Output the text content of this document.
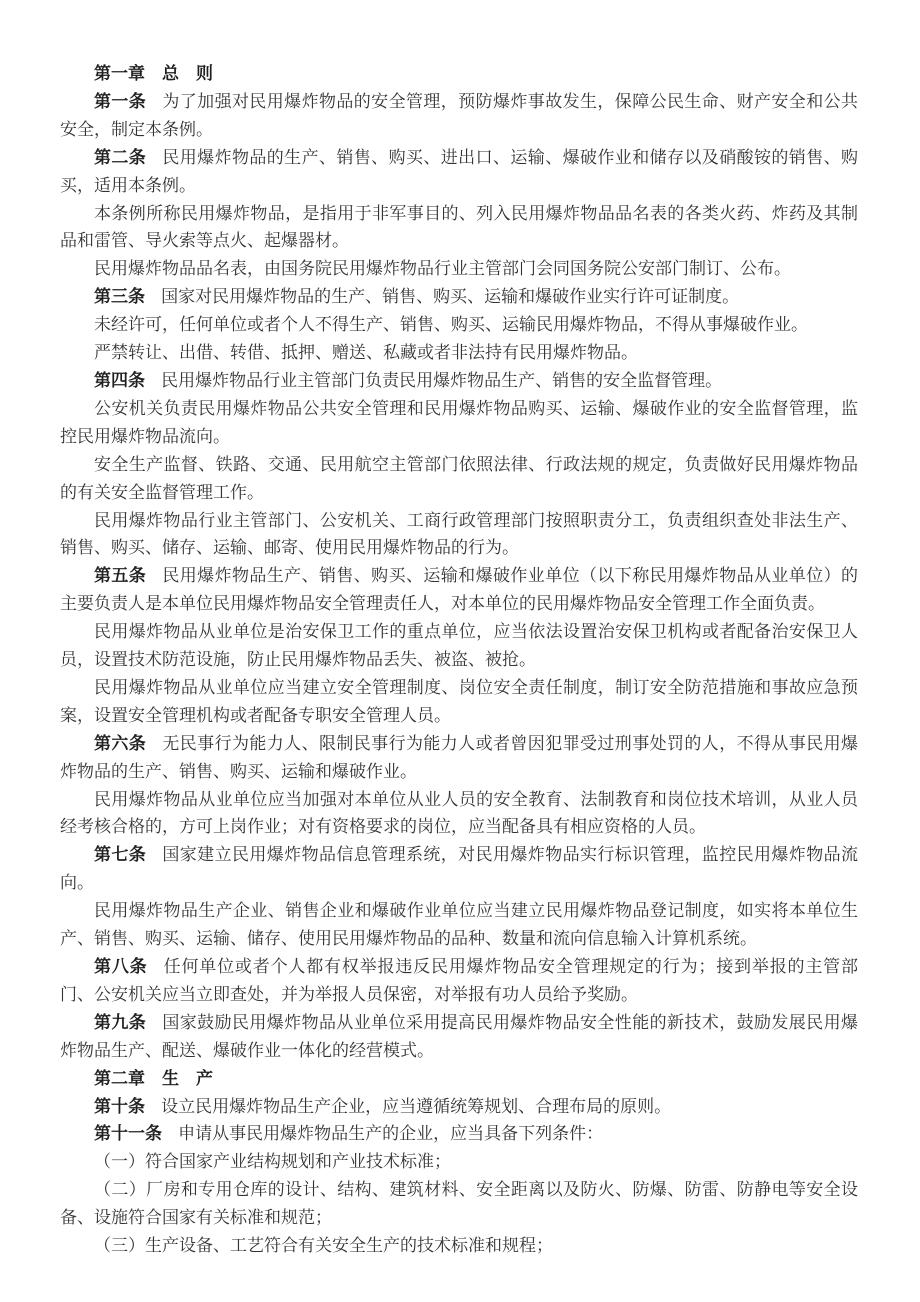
第一章　总　则

第一条 为了加强对民用爆炸物品的安全管理，预防爆炸事故发生，保障公民生命、财产安全和公共安全，制定本条例。

第二条 民用爆炸物品的生产、销售、购买、进出口、运输、爆破作业和储存以及硝酸铵的销售、购买，适用本条例。

本条例所称民用爆炸物品，是指用于非军事目的、列入民用爆炸物品品名表的各类火药、炸药及其制品和雷管、导火索等点火、起爆器材。

民用爆炸物品品名表，由国务院民用爆炸物品行业主管部门会同国务院公安部门制订、公布。

第三条 国家对民用爆炸物品的生产、销售、购买、运输和爆破作业实行许可证制度。

未经许可，任何单位或者个人不得生产、销售、购买、运输民用爆炸物品，不得从事爆破作业。

严禁转让、出借、转借、抵押、赠送、私藏或者非法持有民用爆炸物品。

第四条 民用爆炸物品行业主管部门负责民用爆炸物品生产、销售的安全监督管理。

公安机关负责民用爆炸物品公共安全管理和民用爆炸物品购买、运输、爆破作业的安全监督管理，监控民用爆炸物品流向。

安全生产监督、铁路、交通、民用航空主管部门依照法律、行政法规的规定，负责做好民用爆炸物品的有关安全监督管理工作。

民用爆炸物品行业主管部门、公安机关、工商行政管理部门按照职责分工，负责组织查处非法生产、销售、购买、储存、运输、邮寄、使用民用爆炸物品的行为。

第五条 民用爆炸物品生产、销售、购买、运输和爆破作业单位（以下称民用爆炸物品从业单位）的主要负责人是本单位民用爆炸物品安全管理责任人，对本单位的民用爆炸物品安全管理工作全面负责。

民用爆炸物品从业单位是治安保卫工作的重点单位，应当依法设置治安保卫机构或者配备治安保卫人员，设置技术防范设施，防止民用爆炸物品丢失、被盗、被抢。

民用爆炸物品从业单位应当建立安全管理制度、岗位安全责任制度，制订安全防范措施和事故应急预案，设置安全管理机构或者配备专职安全管理人员。

第六条 无民事行为能力人、限制民事行为能力人或者曾因犯罪受过刑事处罚的人，不得从事民用爆炸物品的生产、销售、购买、运输和爆破作业。

民用爆炸物品从业单位应当加强对本单位从业人员的安全教育、法制教育和岗位技术培训，从业人员经考核合格的，方可上岗作业；对有资格要求的岗位，应当配备具有相应资格的人员。

第七条 国家建立民用爆炸物品信息管理系统，对民用爆炸物品实行标识管理，监控民用爆炸物品流向。

民用爆炸物品生产企业、销售企业和爆破作业单位应当建立民用爆炸物品登记制度，如实将本单位生产、销售、购买、运输、储存、使用民用爆炸物品的品种、数量和流向信息输入计算机系统。

第八条 任何单位或者个人都有权举报违反民用爆炸物品安全管理规定的行为；接到举报的主管部门、公安机关应当立即查处，并为举报人员保密，对举报有功人员给予奖励。

第九条 国家鼓励民用爆炸物品从业单位采用提高民用爆炸物品安全性能的新技术，鼓励发展民用爆炸物品生产、配送、爆破作业一体化的经营模式。

第二章　生　产

第十条 设立民用爆炸物品生产企业，应当遵循统筹规划、合理布局的原则。

第十一条 申请从事民用爆炸物品生产的企业，应当具备下列条件：

（一）符合国家产业结构规划和产业技术标准；

（二）厂房和专用仓库的设计、结构、建筑材料、安全距离以及防火、防爆、防雷、防静电等安全设备、设施符合国家有关标准和规范；

（三）生产设备、工艺符合有关安全生产的技术标准和规程；
